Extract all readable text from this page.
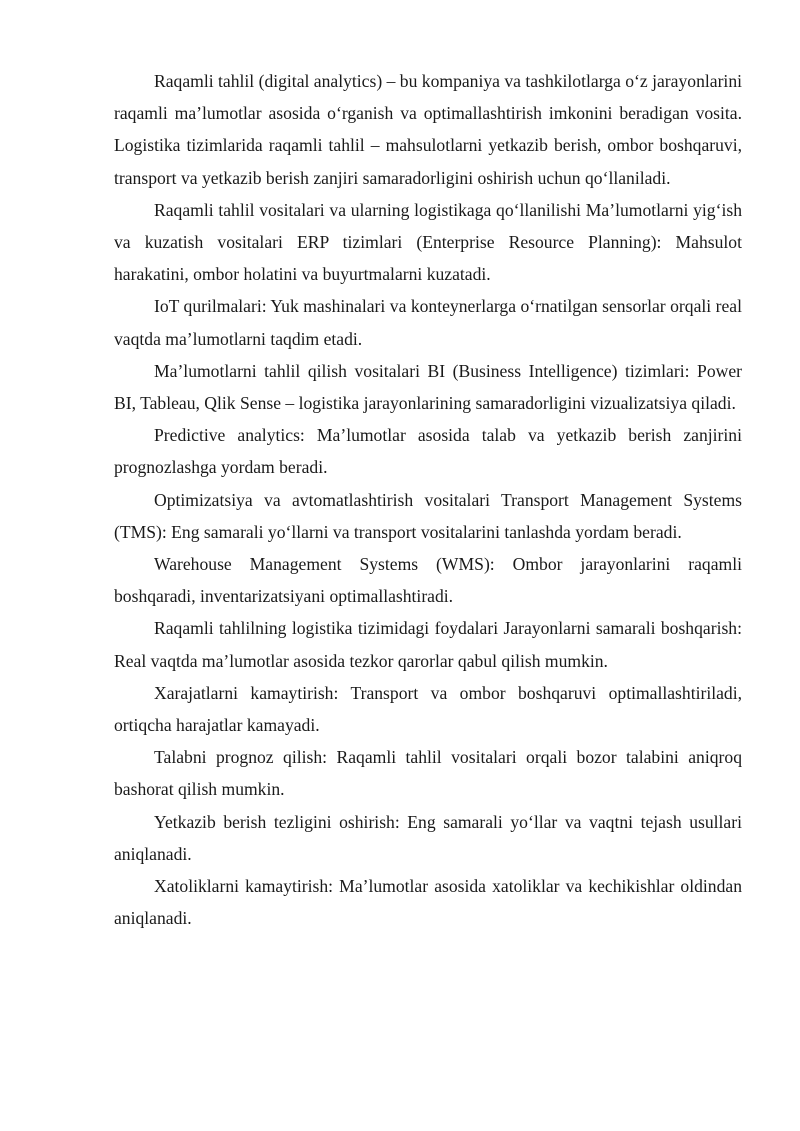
Raqamli tahlil (digital analytics) – bu kompaniya va tashkilotlarga o‘z jarayonlarini raqamli ma’lumotlar asosida o‘rganish va optimallashtirish imkonini beradigan vosita. Logistika tizimlarida raqamli tahlil – mahsulotlarni yetkazib berish, ombor boshqaruvi, transport va yetkazib berish zanjiri samaradorligini oshirish uchun qo‘llaniladi.

Raqamli tahlil vositalari va ularning logistikaga qo‘llanilishi Ma’lumotlarni yig‘ish va kuzatish vositalari ERP tizimlari (Enterprise Resource Planning): Mahsulot harakatini, ombor holatini va buyurtmalarni kuzatadi.

IoT qurilmalari: Yuk mashinalari va konteynerlarga o‘rnatilgan sensorlar orqali real vaqtda ma’lumotlarni taqdim etadi.

Ma’lumotlarni tahlil qilish vositalari BI (Business Intelligence) tizimlari: Power BI, Tableau, Qlik Sense – logistika jarayonlarining samaradorligini vizualizatsiya qiladi.

Predictive analytics: Ma’lumotlar asosida talab va yetkazib berish zanjirini prognozlashga yordam beradi.

Optimizatsiya va avtomatlashtirish vositalari Transport Management Systems (TMS): Eng samarali yo‘llarni va transport vositalarini tanlashda yordam beradi.

Warehouse Management Systems (WMS): Ombor jarayonlarini raqamli boshqaradi, inventarizatsiyani optimallashtiradi.

Raqamli tahlilning logistika tizimidagi foydalari Jarayonlarni samarali boshqarish: Real vaqtda ma’lumotlar asosida tezkor qarorlar qabul qilish mumkin.

Xarajatlarni kamaytirish: Transport va ombor boshqaruvi optimallashtiriladi, ortiqcha harajatlar kamayadi.

Talabni prognoz qilish: Raqamli tahlil vositalari orqali bozor talabini aniqroq bashorat qilish mumkin.

Yetkazib berish tezligini oshirish: Eng samarali yo‘llar va vaqtni tejash usullari aniqlanadi.

Xatoliklarni kamaytirish: Ma’lumotlar asosida xatoliklar va kechikishlar oldindan aniqlanadi.
